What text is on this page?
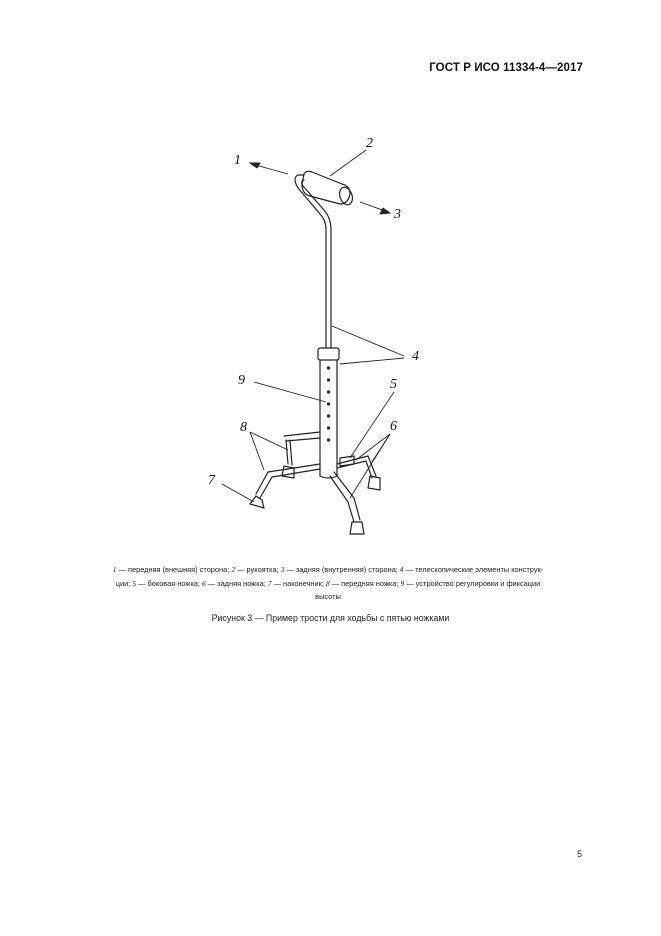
ГОСТ Р ИСО 11334-4—2017
1
2
3
4
5
6
7
8
9
1 — передняя (внешняя) сторона; 2 — рукоятка; 3 — задняя (внутренняя) сторона; 4 — телескопические элементы конструк-
ции; 5 — боковая ножка; 6 — задняя ножка; 7 — наконечник; 8 — передняя ножка; 9 — устройство регулировки и фиксации
высоты
Рисунок 3 — Пример трости для ходьбы с пятью ножками
5
